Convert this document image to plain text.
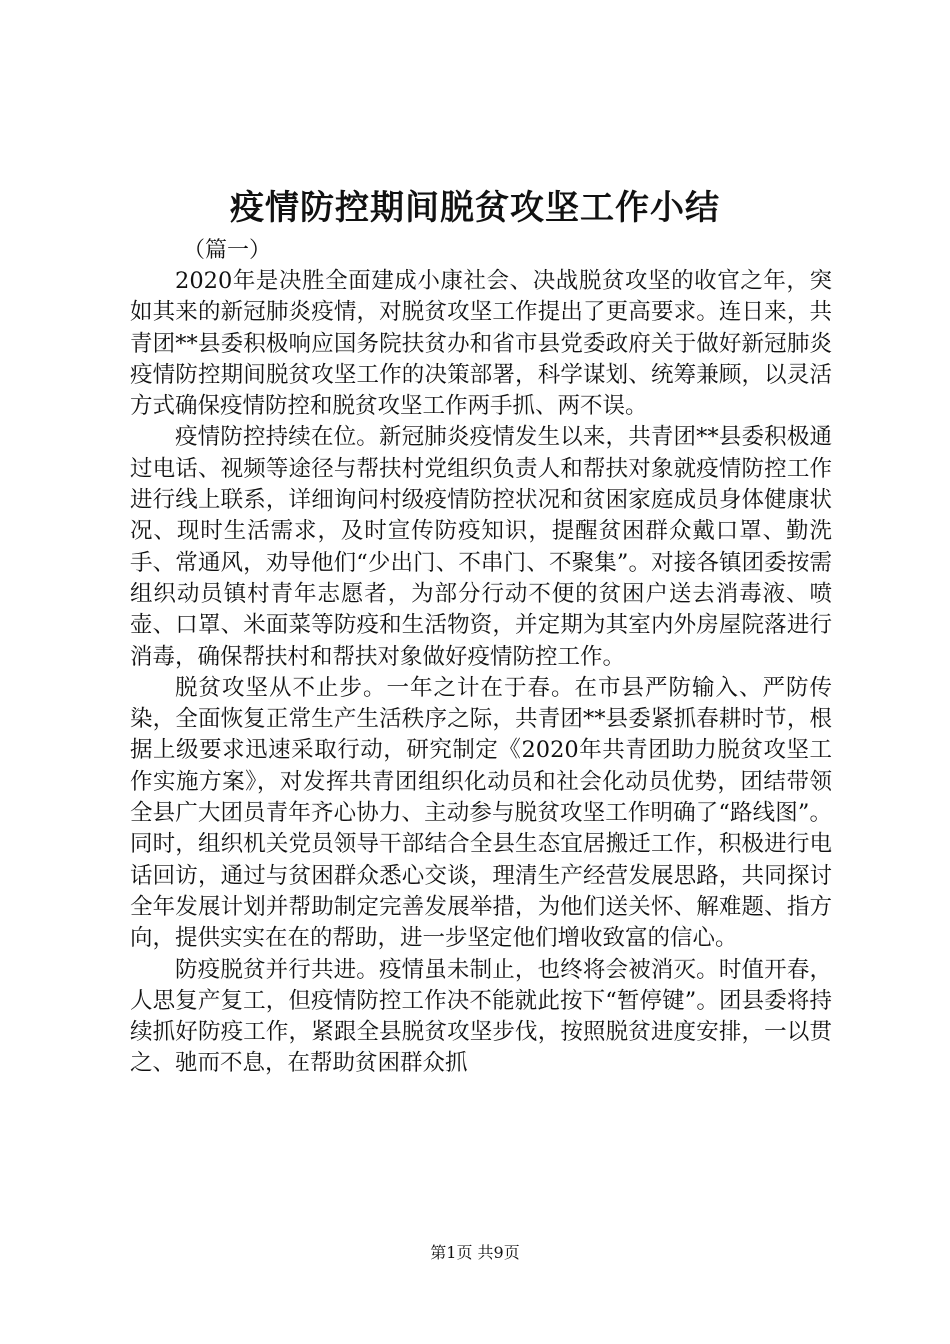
疫情防控期间脱贫攻坚工作小结

（篇一）

2020年是决胜全面建成小康社会、决战脱贫攻坚的收官之年，突如其来的新冠肺炎疫情，对脱贫攻坚工作提出了更高要求。连日来，共青团**县委积极响应国务院扶贫办和省市县党委政府关于做好新冠肺炎疫情防控期间脱贫攻坚工作的决策部署，科学谋划、统筹兼顾，以灵活方式确保疫情防控和脱贫攻坚工作两手抓、两不误。

疫情防控持续在位。新冠肺炎疫情发生以来，共青团**县委积极通过电话、视频等途径与帮扶村党组织负责人和帮扶对象就疫情防控工作进行线上联系，详细询问村级疫情防控状况和贫困家庭成员身体健康状况、现时生活需求，及时宣传防疫知识，提醒贫困群众戴口罩、勤洗手、常通风，劝导他们“少出门、不串门、不聚集”。对接各镇团委按需组织动员镇村青年志愿者，为部分行动不便的贫困户送去消毒液、喷壶、口罩、米面菜等防疫和生活物资，并定期为其室内外房屋院落进行消毒，确保帮扶村和帮扶对象做好疫情防控工作。

脱贫攻坚从不止步。一年之计在于春。在市县严防输入、严防传染，全面恢复正常生产生活秩序之际，共青团**县委紧抓春耕时节，根据上级要求迅速采取行动，研究制定《2020年共青团助力脱贫攻坚工作实施方案》，对发挥共青团组织化动员和社会化动员优势，团结带领全县广大团员青年齐心协力、主动参与脱贫攻坚工作明确了“路线图”。同时，组织机关党员领导干部结合全县生态宜居搬迁工作，积极进行电话回访，通过与贫困群众悉心交谈，理清生产经营发展思路，共同探讨全年发展计划并帮助制定完善发展举措，为他们送关怀、解难题、指方向，提供实实在在的帮助，进一步坚定他们增收致富的信心。

防疫脱贫并行共进。疫情虽未制止，也终将会被消灭。时值开春，人思复产复工，但疫情防控工作决不能就此按下“暂停键”。团县委将持续抓好防疫工作，紧跟全县脱贫攻坚步伐，按照脱贫进度安排，一以贯之、驰而不息，在帮助贫困群众抓

第1页 共9页
